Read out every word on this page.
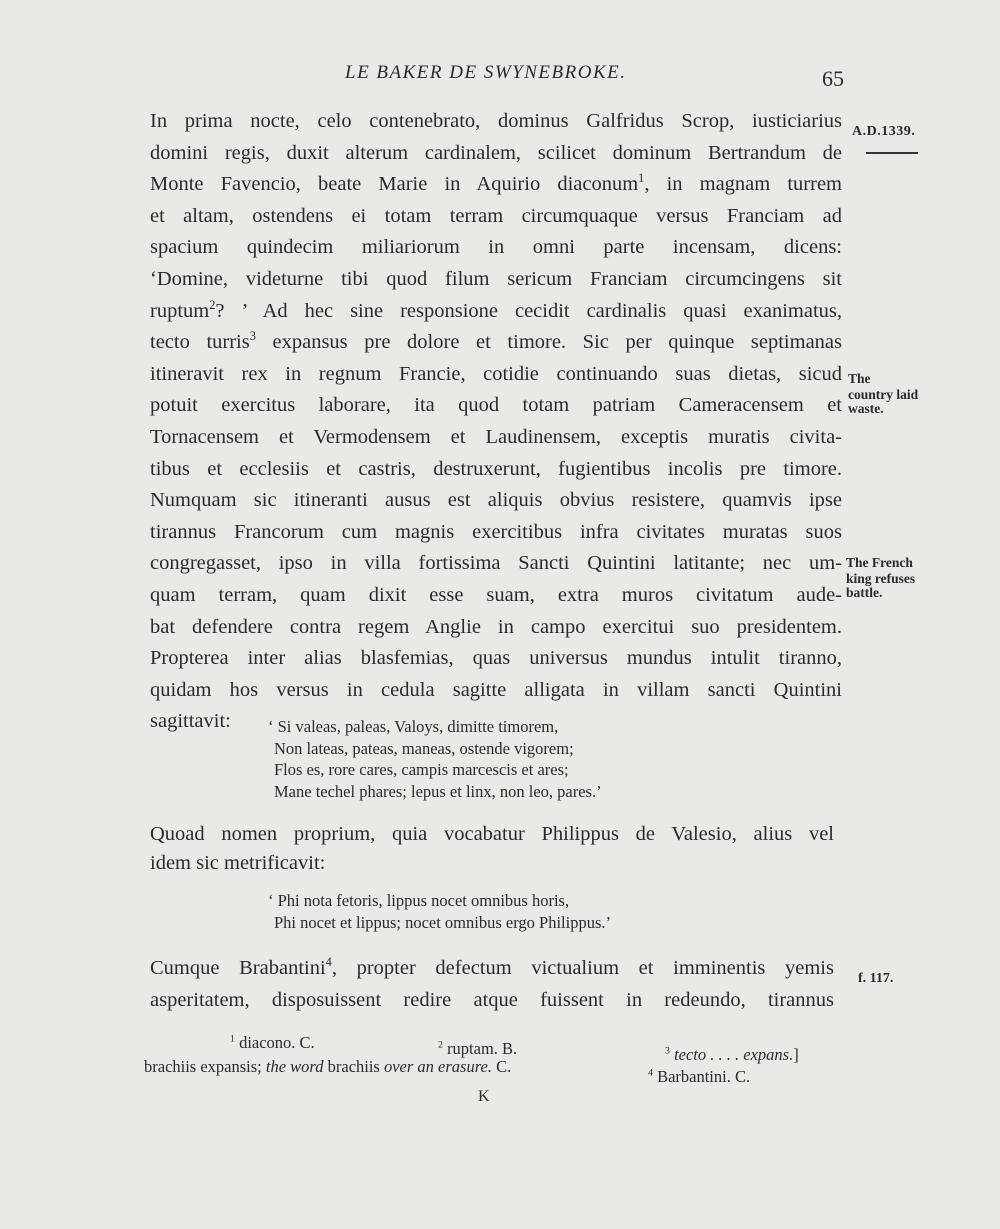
LE BAKER DE SWYNEBROKE.	65
A.D.1339.
The
country laid
waste.
The French
king refuses
battle.
f. 117.
In prima nocte, celo contenebrato, dominus Galfridus Scrop, iusticiarius
domini regis, duxit alterum cardinalem, scilicet dominum Bertrandum de
Monte Favencio, beate Marie in Aquirio diaconum$^1$, in magnam turrem
et altam, ostendens ei totam terram circumquaque versus Franciam ad
spacium quindecim miliariorum in omni parte incensam, dicens:
‘Domine, videturne tibi quod filum sericum Franciam circumcingens sit
ruptum$^2$? ’ Ad hec sine responsione cecidit cardinalis quasi exanimatus,
tecto turris$^3$ expansus pre dolore et timore. Sic per quinque septimanas
itineravit rex in regnum Francie, cotidie continuando suas dietas, sicud
potuit exercitus laborare, ita quod totam patriam Cameracensem et
Tornacensem et Vermodensem et Laudinensem, exceptis muratis civita-
tibus et ecclesiis et castris, destruxerunt, fugientibus incolis pre timore.
Numquam sic itineranti ausus est aliquis obvius resistere, quamvis ipse
tirannus Francorum cum magnis exercitibus infra civitates muratas suos
congregasset, ipso in villa fortissima Sancti Quintini latitante; nec um-
quam terram, quam dixit esse suam, extra muros civitatum aude-
bat defendere contra regem Anglie in campo exercitui suo presidentem.
Propterea inter alias blasfemias, quas universus mundus intulit tiranno,
quidam hos versus in cedula sagitte alligata in villam sancti Quintini
sagittavit:	‘ Si valeas, paleas, Valoys, dimitte timorem,
Non lateas, pateas, maneas, ostende vigorem;
Flos es, rore cares, campis marcescis et ares;
Mane techel phares; lepus et linx, non leo, pares.’
Quoad nomen proprium, quia vocabatur Philippus de Valesio, alius vel
idem sic metrificavit:
‘ Phi nota fetoris, lippus nocet omnibus horis,
Phi nocet et lippus; nocet omnibus ergo Philippus.’
Cumque Brabantini$^4$, propter defectum victualium et imminentis yemis
asperitatem, disposuissent redire atque fuissent in redeundo, tirannus
$^1$ diacono. C.	$^2$ ruptam. B.	$^3$ tecto . . . . expans.]
brachiis expansis; the word brachiis over an erasure. C.	$^4$ Barbantini. C.
K
